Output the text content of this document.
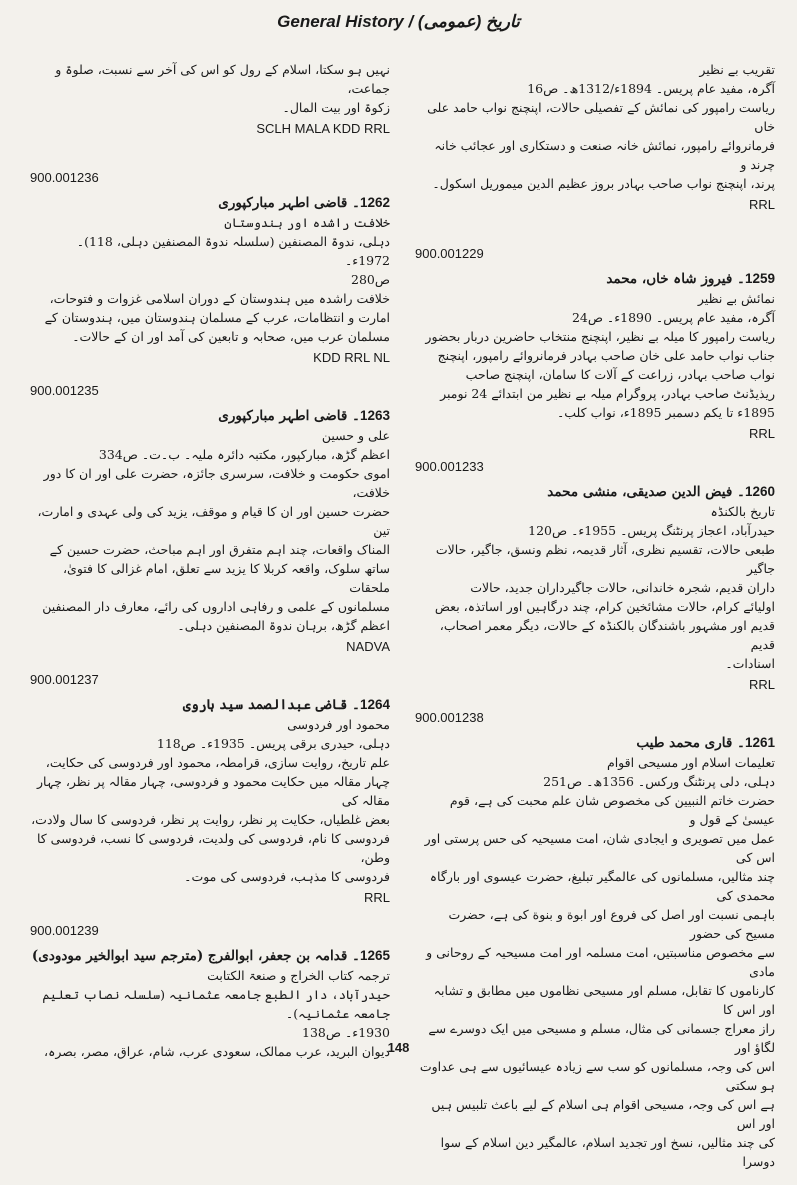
General History / (تاریخ (عمومی
تقریب بے نظیر
آگرہ، مفید عام پریس۔ 1894ء/1312ھ۔ ص16
ریاست رامپور کی نمائش کے تفصیلی حالات، اپنچنج نواب حامد علی خاں
فرمانروائے رامپور، نمائش خانہ صنعت و دستکاری اور عجائب خانہ چرند و
پرند، اپنچنج نواب صاحب بہادر بروز عظیم الدین میموریل اسکول۔
RRL
900.001229
1259۔ فیروز شاہ خاں، محمد
نمائش بے نظیر
آگرہ، مفید عام پریس۔ 1890ء۔ ص24
ریاست رامپور کا میلہ بے نظیر، اپنچنج منتخاب حاضرین دربار بحضور
جناب نواب حامد علی خان صاحب بہادر فرمانروائے رامپور، اپنچنج
نواب صاحب بہادر، زراعت کے آلات کا سامان، اپنچنج صاحب
ریذیڈنٹ صاحب بہادر، پروگرام میلہ بے نظیر من ابتدائے 24 نومبر
1895ء تا یکم دسمبر 1895ء، نواب کلب۔
RRL
900.001233
1260۔ فیض الدین صدیقی، منشی محمد
تاریخ بالکنڈہ
حیدرآباد، اعجاز پرنٹنگ پریس۔ 1955ء۔ ص120
طبعی حالات، تقسیم نظری، آثار قدیمہ، نظم ونسق، جاگیر، حالات جاگیر
داران قدیم، شجرہ خاندانی، حالات جاگیرداران جدید، حالات
اولیائے کرام، حالات مشائخین کرام، چند درگاہیں اور اساتذہ، بعض
قدیم اور مشہور باشندگان بالکنڈہ کے حالات، دیگر معمر اصحاب، قدیم
اسنادات۔
RRL
900.001238
1261۔ قاری محمد طیب
تعلیمات اسلام اور مسیحی اقوام
دہلی، دلی پرنٹنگ ورکس۔ 1356ھ۔ ص251
حضرت خاتم النبیین کی مخصوص شان علم محبت کی ہے، قوم عیسیٰ کے قول و
عمل میں تصویری و ایجادی شان، امت مسیحیہ کی حس پرستی اور اس کی
چند مثالیں، مسلمانوں کی عالمگیر تبلیغ، حضرت عیسوی اور بارگاہ محمدی کی
باہمی نسبت اور اصل کی فروع اور ابوة و بنوة کی ہے، حضرت مسیح کی حضور
سے مخصوص مناسبتیں، امت مسلمہ اور امت مسیحیہ کے روحانی و مادی
کارناموں کا تقابل، مسلم اور مسیحی نظاموں میں مطابق و تشابہ اور اس کا
راز معراج جسمانی کی مثال، مسلم و مسیحی میں ایک دوسرے سے لگاؤ اور
اس کی وجہ، مسلمانوں کو سب سے زیادہ عیسائیوں سے ہی عداوت ہو سکتی
ہے اس کی وجہ، مسیحی اقوام ہی اسلام کے لیے باعث تلبیس ہیں اور اس
کی چند مثالیں، نسخ اور تجدید اسلام، عالمگیر دین اسلام کے سوا دوسرا
نہیں ہو سکتا، اسلام کے رول کو اس کی آخر سے نسبت، صلوۃ و جماعت،
زکوۃ اور بیت المال۔
SCLH MALA KDD RRL
900.001236
1262۔ قاضی اطہر مبارکپوری
خلافت راشدہ اور ہندوستان
دہلی، ندوۃ المصنفین (سلسلہ ندوۃ المصنفین دہلی، 118)۔ 1972ء۔
ص280
خلافت راشدہ میں ہندوستان کے دوران اسلامی غزوات و فتوحات،
امارت و انتظامات، عرب کے مسلمان ہندوستان میں، ہندوستان کے
مسلمان عرب میں، صحابہ و تابعین کی آمد اور ان کے حالات۔
KDD RRL NL
900.001235
1263۔ قاضی اطہر مبارکپوری
علی و حسین
اعظم گڑھ، مبارکپور، مکتبہ دائرہ ملیہ۔ ب۔ت۔ ص334
اموی حکومت و خلافت، سرسری جائزہ، حضرت علی اور ان کا دور خلافت،
حضرت حسین اور ان کا قیام و موقف، یزید کی ولی عہدی و امارت، تین
المناک واقعات، چند اہم متفرق اور اہم مباحث، حضرت حسین کے
ساتھ سلوک، واقعہ کربلا کا یزید سے تعلق، امام غزالی کا فتویٰ، ملحقات
مسلمانوں کے علمی و رفاہی اداروں کی رائے، معارف دار المصنفین
اعظم گڑھ، برہان ندوۃ المصنفین دہلی۔
NADVA
900.001237
1264۔ قاضی عبدالصمد سید ہاروی
محمود اور فردوسی
دہلی، حیدری برقی پریس۔ 1935ء۔ ص118
علم تاریخ، روایت سازی، قرامطہ، محمود اور فردوسی کی حکایت،
چہار مقالہ میں حکایت محمود و فردوسی، چہار مقالہ پر نظر، چہار مقالہ کی
بعض غلطیاں، حکایت پر نظر، روایت پر نظر، فردوسی کا سال ولادت،
فردوسی کا نام، فردوسی کی ولدیت، فردوسی کا نسب، فردوسی کا وطن،
فردوسی کا مذہب، فردوسی کی موت۔
RRL
900.001239
1265۔ قدامہ بن جعفر، ابوالفرج (مترجم سید ابوالخیر مودودی)
ترجمہ کتاب الخراج و صنعۃ الکتابت
حیدرآباد، دار الطبع جامعہ عثمانیہ (سلسلہ نصاب تعلیم جامعہ عثمانیہ)۔
1930ء۔ ص138
دیوان البرید، عرب ممالک، سعودی عرب، شام، عراق، مصر، بصرہ،
148
